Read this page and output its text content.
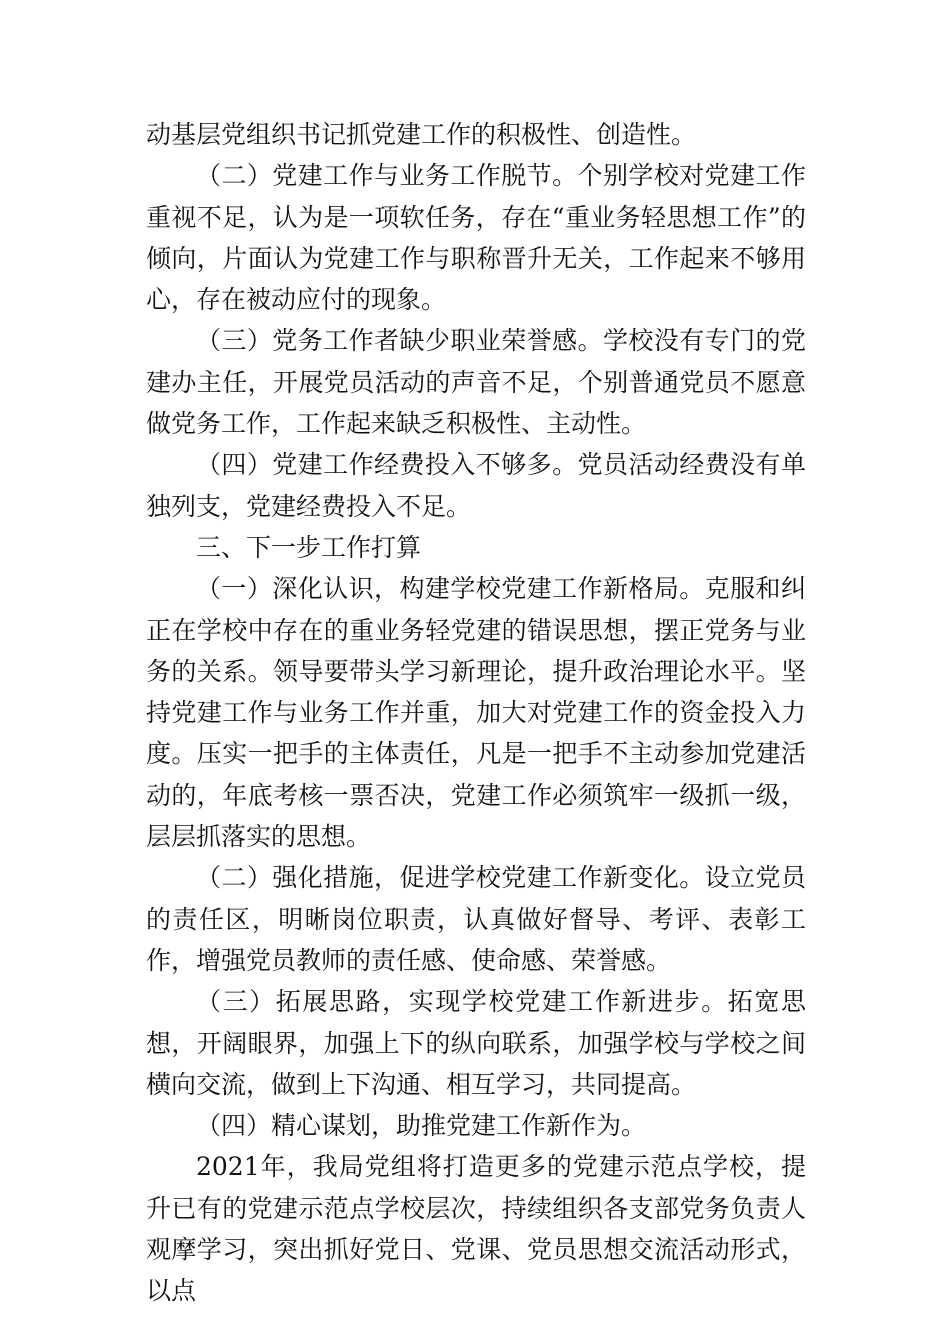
动基层党组织书记抓党建工作的积极性、创造性。

（二）党建工作与业务工作脱节。个别学校对党建工作重视不足，认为是一项软任务，存在“重业务轻思想工作”的倾向，片面认为党建工作与职称晋升无关，工作起来不够用心，存在被动应付的现象。

（三）党务工作者缺少职业荣誉感。学校没有专门的党建办主任，开展党员活动的声音不足，个别普通党员不愿意做党务工作，工作起来缺乏积极性、主动性。

（四）党建工作经费投入不够多。党员活动经费没有单独列支，党建经费投入不足。

三、下一步工作打算

（一）深化认识，构建学校党建工作新格局。克服和纠正在学校中存在的重业务轻党建的错误思想，摆正党务与业务的关系。领导要带头学习新理论，提升政治理论水平。坚持党建工作与业务工作并重，加大对党建工作的资金投入力度。压实一把手的主体责任，凡是一把手不主动参加党建活动的，年底考核一票否决，党建工作必须筑牢一级抓一级，层层抓落实的思想。

（二）强化措施，促进学校党建工作新变化。设立党员的责任区，明晰岗位职责，认真做好督导、考评、表彰工作，增强党员教师的责任感、使命感、荣誉感。

（三）拓展思路，实现学校党建工作新进步。拓宽思想，开阔眼界，加强上下的纵向联系，加强学校与学校之间横向交流，做到上下沟通、相互学习，共同提高。

（四）精心谋划，助推党建工作新作为。

2021年，我局党组将打造更多的党建示范点学校，提升已有的党建示范点学校层次，持续组织各支部党务负责人观摩学习，突出抓好党日、党课、党员思想交流活动形式，以点
